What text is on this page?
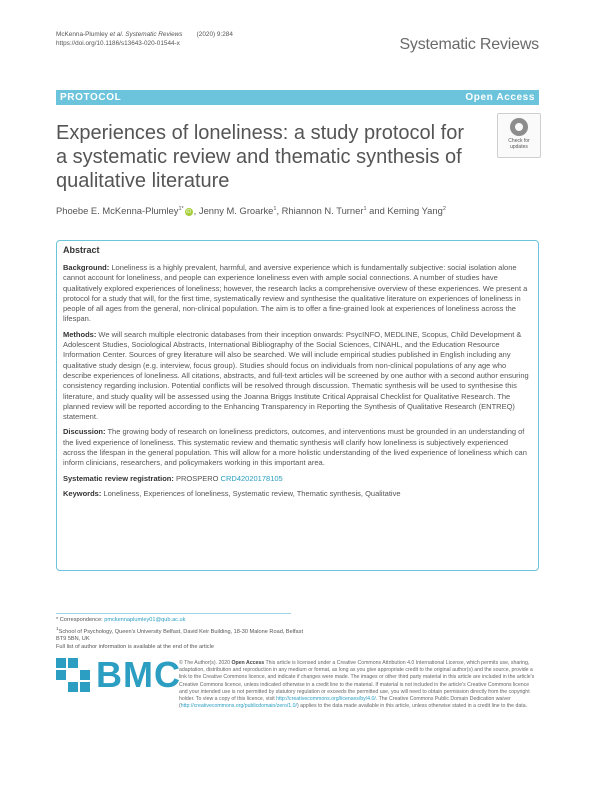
McKenna-Plumley et al. Systematic Reviews (2020) 9:284
https://doi.org/10.1186/s13643-020-01544-x	Systematic Reviews
PROTOCOL	Open Access
Experiences of loneliness: a study protocol for a systematic review and thematic synthesis of qualitative literature
Check for
updates
Phoebe E. McKenna-Plumley$^{1*}$ iD , Jenny M. Groarke$^1$, Rhiannon N. Turner$^1$ and Keming Yang$^2$
Abstract

Background: Loneliness is a highly prevalent, harmful, and aversive experience which is fundamentally subjective: social isolation alone cannot account for loneliness, and people can experience loneliness even with ample social connections. A number of studies have qualitatively explored experiences of loneliness; however, the research lacks a comprehensive overview of these experiences. We present a protocol for a study that will, for the first time, systematically review and synthesise the qualitative literature on experiences of loneliness in people of all ages from the general, non-clinical population. The aim is to offer a fine-grained look at experiences of loneliness across the lifespan.

Methods: We will search multiple electronic databases from their inception onwards: PsycINFO, MEDLINE, Scopus, Child Development & Adolescent Studies, Sociological Abstracts, International Bibliography of the Social Sciences, CINAHL, and the Education Resource Information Center. Sources of grey literature will also be searched. We will include empirical studies published in English including any qualitative study design (e.g. interview, focus group). Studies should focus on individuals from non-clinical populations of any age who describe experiences of loneliness. All citations, abstracts, and full-text articles will be screened by one author with a second author ensuring consistency regarding inclusion. Potential conflicts will be resolved through discussion. Thematic synthesis will be used to synthesise this literature, and study quality will be assessed using the Joanna Briggs Institute Critical Appraisal Checklist for Qualitative Research. The planned review will be reported according to the Enhancing Transparency in Reporting the Synthesis of Qualitative Research (ENTREQ) statement.

Discussion: The growing body of research on loneliness predictors, outcomes, and interventions must be grounded in an understanding of the lived experience of loneliness. This systematic review and thematic synthesis will clarify how loneliness is subjectively experienced across the lifespan in the general population. This will allow for a more holistic understanding of the lived experience of loneliness which can inform clinicians, researchers, and policymakers working in this important area.

Systematic review registration: PROSPERO CRD42020178105

Keywords: Loneliness, Experiences of loneliness, Systematic review, Thematic synthesis, Qualitative

* Correspondence: pmckennaplumley01@qub.ac.uk
$^1$School of Psychology, Queen's University Belfast, David Keir Building, 18-30 Malone Road, Belfast BT9 5BN, UK
Full list of author information is available at the end of the article
BMC
© The Author(s). 2020 Open Access This article is licensed under a Creative Commons Attribution 4.0 International License, which permits use, sharing, adaptation, distribution and reproduction in any medium or format, as long as you give appropriate credit to the original author(s) and the source, provide a link to the Creative Commons licence, and indicate if changes were made. The images or other third party material in this article are included in the article's Creative Commons licence, unless indicated otherwise in a credit line to the material. If material is not included in the article's Creative Commons licence and your intended use is not permitted by statutory regulation or exceeds the permitted use, you will need to obtain permission directly from the copyright holder. To view a copy of this licence, visit http://creativecommons.org/licenses/by/4.0/. The Creative Commons Public Domain Dedication waiver (http://creativecommons.org/publicdomain/zero/1.0/) applies to the data made available in this article, unless otherwise stated in a credit line to the data.
